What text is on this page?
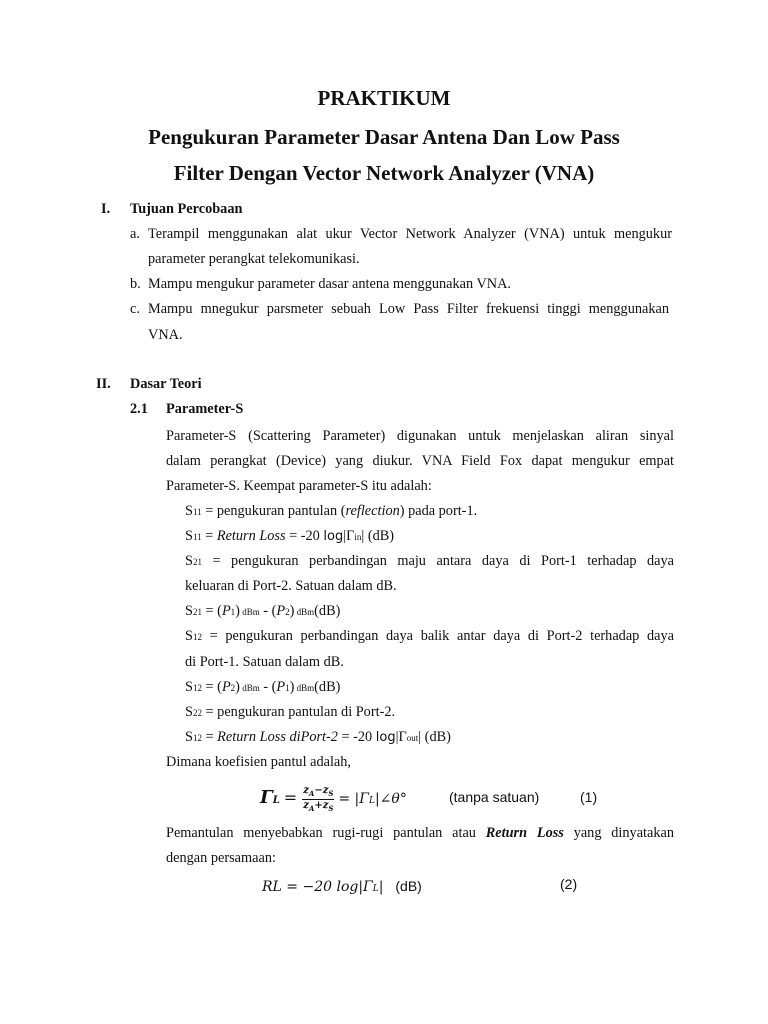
PRAKTIKUM
Pengukuran Parameter Dasar Antena Dan Low Pass
Filter Dengan Vector Network Analyzer (VNA)
I. Tujuan Percobaan
a. Terampil menggunakan alat ukur Vector Network Analyzer (VNA) untuk mengukur
parameter perangkat telekomunikasi.
b. Mampu mengukur parameter dasar antena menggunakan VNA.
c. Mampu mnegukur parsmeter sebuah Low Pass Filter frekuensi tinggi menggunakan
VNA.
II. Dasar Teori
2.1 Parameter-S
Parameter-S (Scattering Parameter) digunakan untuk menjelaskan aliran sinyal
dalam perangkat (Device) yang diukur. VNA Field Fox dapat mengukur empat
Parameter-S. Keempat parameter-S itu adalah:
S11 = pengukuran pantulan (reflection) pada port-1.
S11 = Return Loss = -20 log|Γin| (dB)
S21 = pengukuran perbandingan maju antara daya di Port-1 terhadap daya
keluaran di Port-2. Satuan dalam dB.
S21 = (P1) dBm - (P2) dBm(dB)
S12 = pengukuran perbandingan daya balik antar daya di Port-2 terhadap daya
di Port-1. Satuan dalam dB.
S12 = (P2) dBm - (P1) dBm(dB)
S22 = pengukuran pantulan di Port-2.
S12 = Return Loss diPort-2 = -20 log|Γout| (dB)
Dimana koefisien pantul adalah,
$\Gamma L = \frac{z_A-z_S}{z_A+z_S}$ = |ΓL|∠θ°	(tanpa satuan)	(1)
Pemantulan menyebabkan rugi-rugi pantulan atau Return Loss yang dinyatakan
dengan persamaan:
RL = −20 log|ΓL| (dB)	(2)
